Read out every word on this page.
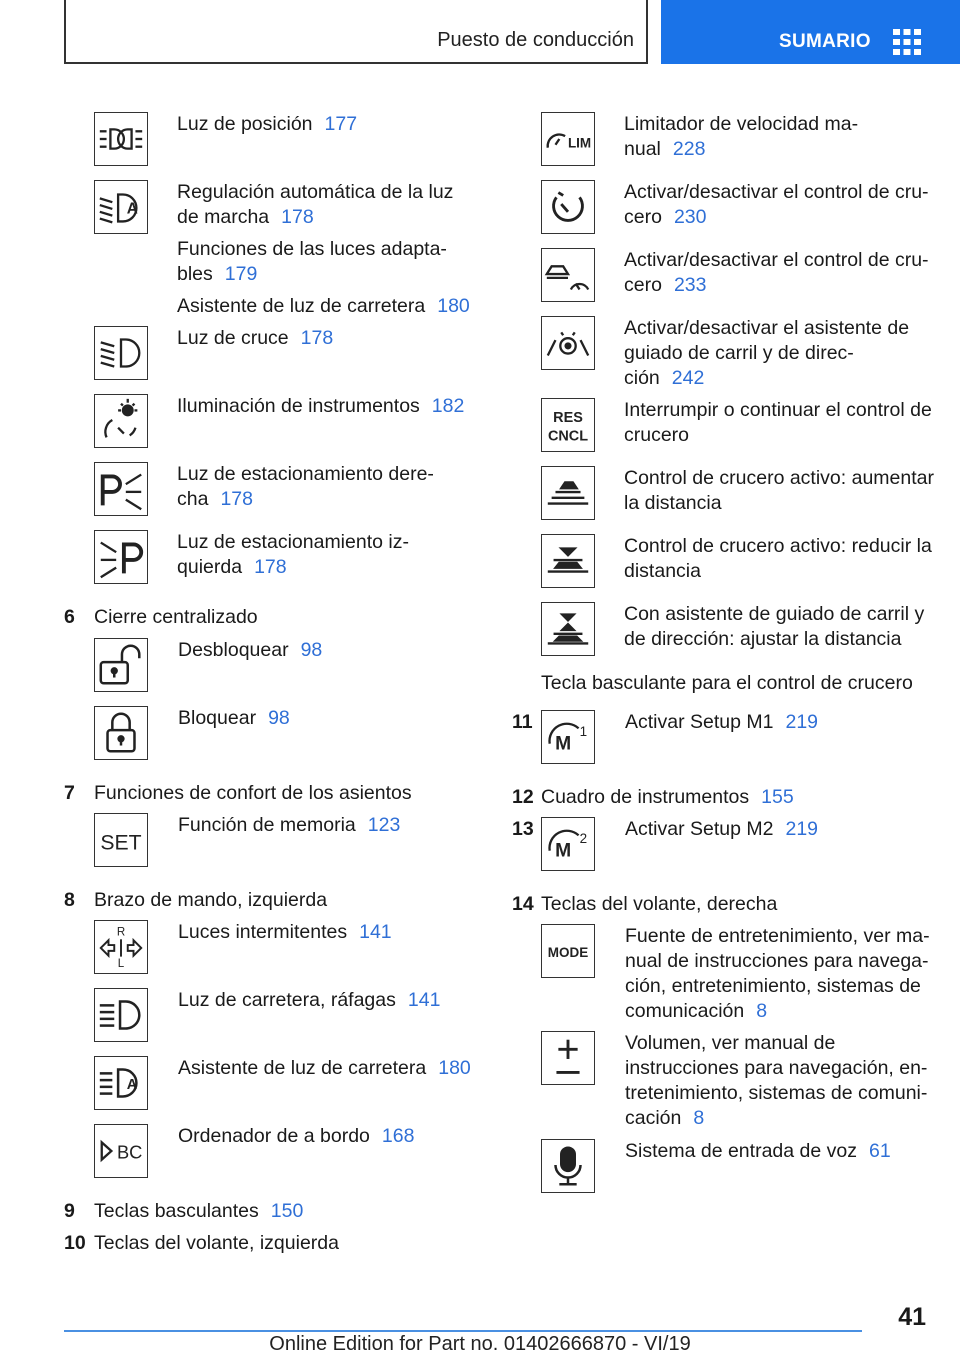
Puesto de conducción	SUMARIO
Luz de posición 177
A
Regulación automática de la luz de marcha 178
Funciones de las luces adapta-bles 179
Asistente de luz de carretera 180
Luz de cruce 178
Iluminación de instrumentos 182
Luz de estacionamiento dere-cha 178
Luz de estacionamiento iz-quierda 178
6 Cierre centralizado
Desbloquear 98
Bloquear 98
7 Funciones de confort de los asientos
SET
Función de memoria 123
8 Brazo de mando, izquierda
R
L
Luces intermitentes 141
Luz de carretera, ráfagas 141
A
Asistente de luz de carretera 180
BC
Ordenador de a bordo 168
9 Teclas basculantes 150
10 Teclas del volante, izquierda
LIM
Limitador de velocidad ma-nual 228
Activar/desactivar el control de cru-cero 230
Activar/desactivar el control de cru-cero 233
Activar/desactivar el asistente de guiado de carril y de direc-ción 242
RES
CNCL
Interrumpir o continuar el control de crucero
Control de crucero activo: aumentar la distancia
Control de crucero activo: reducir la distancia
Con asistente de guiado de carril y de dirección: ajustar la distancia
Tecla basculante para el control de crucero
11
M
1 Activar Setup M1 219
12 Cuadro de instrumentos 155
13
M
2 Activar Setup M2 219
14 Teclas del volante, derecha
MODE
Fuente de entretenimiento, ver ma-nual de instrucciones para navega-ción, entretenimiento, sistemas de comunicación 8
Volumen, ver manual de instrucciones para navegación, en-tretenimiento, sistemas de comuni-cación 8
Sistema de entrada de voz 61
41
Online Edition for Part no. 01402666870 - VI/19
